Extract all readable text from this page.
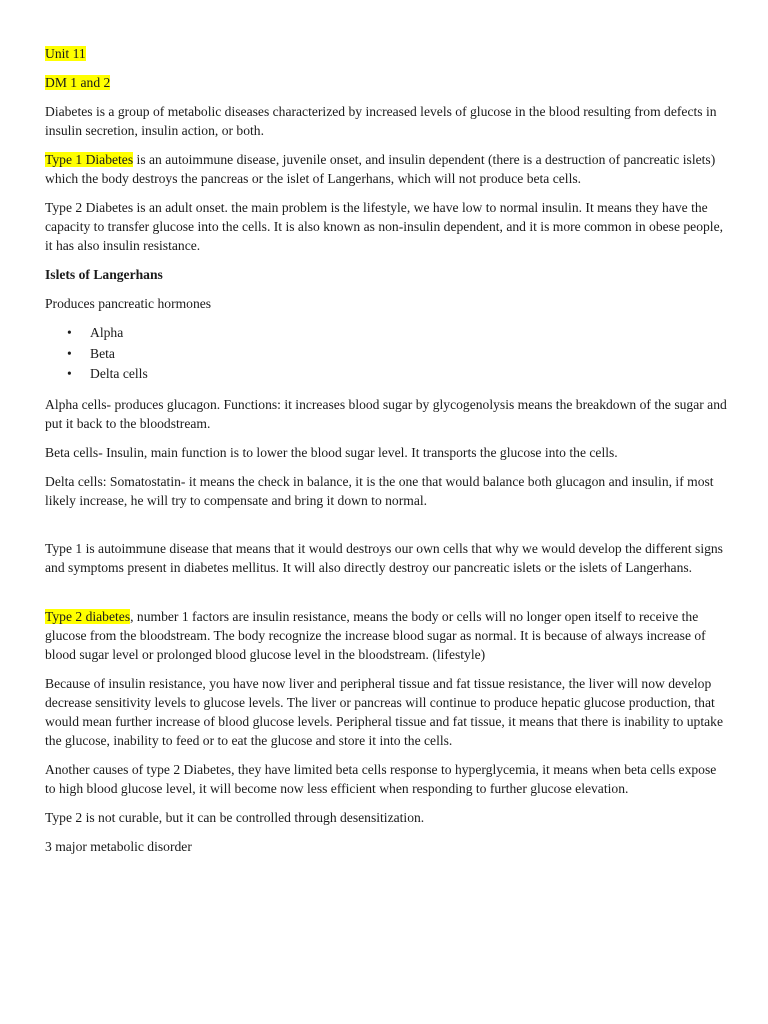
Unit 11

DM 1 and 2

Diabetes is a group of metabolic diseases characterized by increased levels of glucose in the blood resulting from defects in insulin secretion, insulin action, or both.

Type 1 Diabetes is an autoimmune disease, juvenile onset, and insulin dependent (there is a destruction of pancreatic islets) which the body destroys the pancreas or the islet of Langerhans, which will not produce beta cells.

Type 2 Diabetes is an adult onset. the main problem is the lifestyle, we have low to normal insulin. It means they have the capacity to transfer glucose into the cells. It is also known as non-insulin dependent, and it is more common in obese people, it has also insulin resistance.

Islets of Langerhans

Produces pancreatic hormones

• Alpha
• Beta
• Delta cells

Alpha cells- produces glucagon. Functions: it increases blood sugar by glycogenolysis means the breakdown of the sugar and put it back to the bloodstream.

Beta cells- Insulin, main function is to lower the blood sugar level. It transports the glucose into the cells.

Delta cells: Somatostatin- it means the check in balance, it is the one that would balance both glucagon and insulin, if most likely increase, he will try to compensate and bring it down to normal.

Type 1 is autoimmune disease that means that it would destroys our own cells that why we would develop the different signs and symptoms present in diabetes mellitus. It will also directly destroy our pancreatic islets or the islets of Langerhans.

Type 2 diabetes, number 1 factors are insulin resistance, means the body or cells will no longer open itself to receive the glucose from the bloodstream. The body recognize the increase blood sugar as normal. It is because of always increase of blood sugar level or prolonged blood glucose level in the bloodstream. (lifestyle)

Because of insulin resistance, you have now liver and peripheral tissue and fat tissue resistance, the liver will now develop decrease sensitivity levels to glucose levels. The liver or pancreas will continue to produce hepatic glucose production, that would mean further increase of blood glucose levels. Peripheral tissue and fat tissue, it means that there is inability to uptake the glucose, inability to feed or to eat the glucose and store it into the cells.

Another causes of type 2 Diabetes, they have limited beta cells response to hyperglycemia, it means when beta cells expose to high blood glucose level, it will become now less efficient when responding to further glucose elevation.

Type 2 is not curable, but it can be controlled through desensitization.

3 major metabolic disorder
